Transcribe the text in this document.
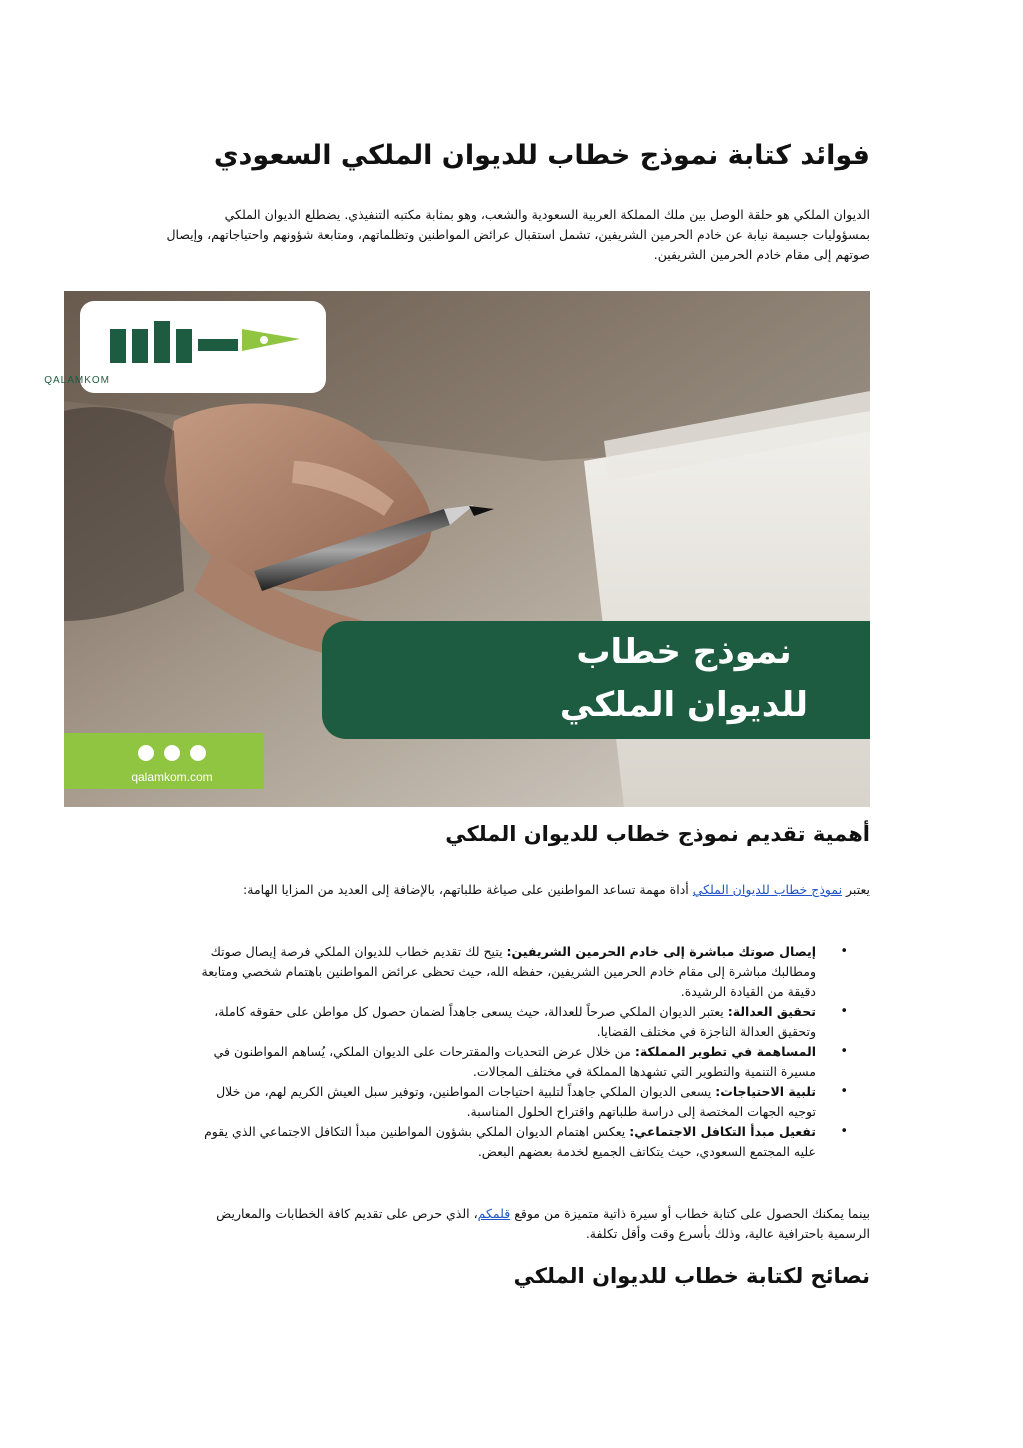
فوائد كتابة نموذج خطاب للديوان الملكي السعودي

الديوان الملكي هو حلقة الوصل بين ملك المملكة العربية السعودية والشعب، وهو بمثابة مكتبه التنفيذي. يضطلع الديوان الملكي بمسؤوليات جسيمة نيابة عن خادم الحرمين الشريفين، تشمل استقبال عرائض المواطنين وتظلماتهم، ومتابعة شؤونهم واحتياجاتهم، وإيصال صوتهم إلى مقام خادم الحرمين الشريفين.

QALAMKOM
نموذج خطاب
للديوان الملكي
qalamkom.com
أهمية تقديم نموذج خطاب للديوان الملكي

يعتبر نموذج خطاب للديوان الملكي أداة مهمة تساعد المواطنين على صياغة طلباتهم، بالإضافة إلى العديد من المزايا الهامة:

•
إيصال صوتك مباشرة إلى خادم الحرمين الشريفين: يتيح لك تقديم خطاب للديوان الملكي فرصة إيصال صوتك ومطالبك مباشرة إلى مقام خادم الحرمين الشريفين، حفظه الله، حيث تحظى عرائض المواطنين باهتمام شخصي ومتابعة دقيقة من القيادة الرشيدة.
•
تحقيق العدالة: يعتبر الديوان الملكي صرحاً للعدالة، حيث يسعى جاهداً لضمان حصول كل مواطن على حقوقه كاملة، وتحقيق العدالة الناجزة في مختلف القضايا.
•
المساهمة في تطوير المملكة: من خلال عرض التحديات والمقترحات على الديوان الملكي، يُساهم المواطنون في مسيرة التنمية والتطوير التي تشهدها المملكة في مختلف المجالات.
•
تلبية الاحتياجات: يسعى الديوان الملكي جاهداً لتلبية احتياجات المواطنين، وتوفير سبل العيش الكريم لهم، من خلال توجيه الجهات المختصة إلى دراسة طلباتهم واقتراح الحلول المناسبة.
•
تفعيل مبدأ التكافل الاجتماعي: يعكس اهتمام الديوان الملكي بشؤون المواطنين مبدأ التكافل الاجتماعي الذي يقوم عليه المجتمع السعودي، حيث يتكاتف الجميع لخدمة بعضهم البعض.

بينما يمكنك الحصول على كتابة خطاب أو سيرة ذاتية متميزة من موقع قلمكم، الذي حرص على تقديم كافة الخطابات والمعاريض الرسمية باحترافية عالية، وذلك بأسرع وقت وأقل تكلفة.

نصائح لكتابة خطاب للديوان الملكي
